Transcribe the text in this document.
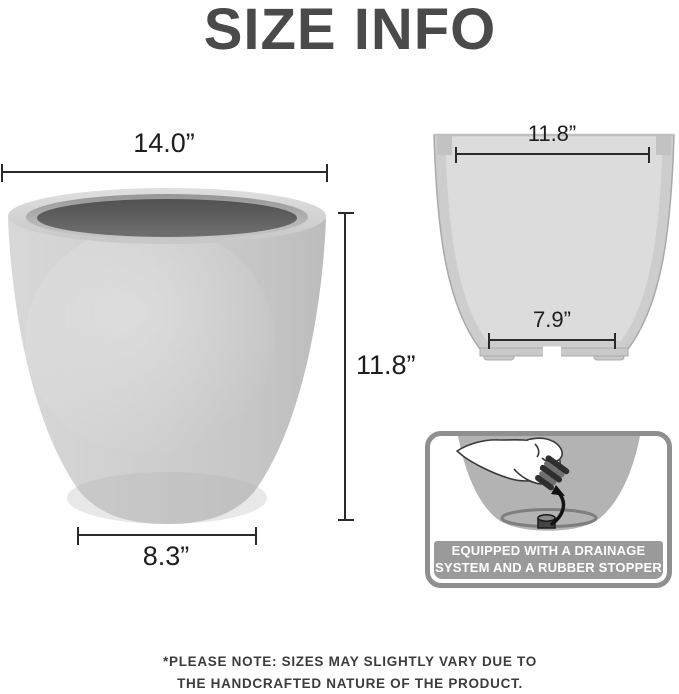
SIZE INFO
14.0”
11.8”
8.3”
11.8”
7.9”
EQUIPPED WITH A DRAINAGE
SYSTEM AND A RUBBER STOPPER
*PLEASE NOTE: SIZES MAY SLIGHTLY VARY DUE TO
THE HANDCRAFTED NATURE OF THE PRODUCT.
